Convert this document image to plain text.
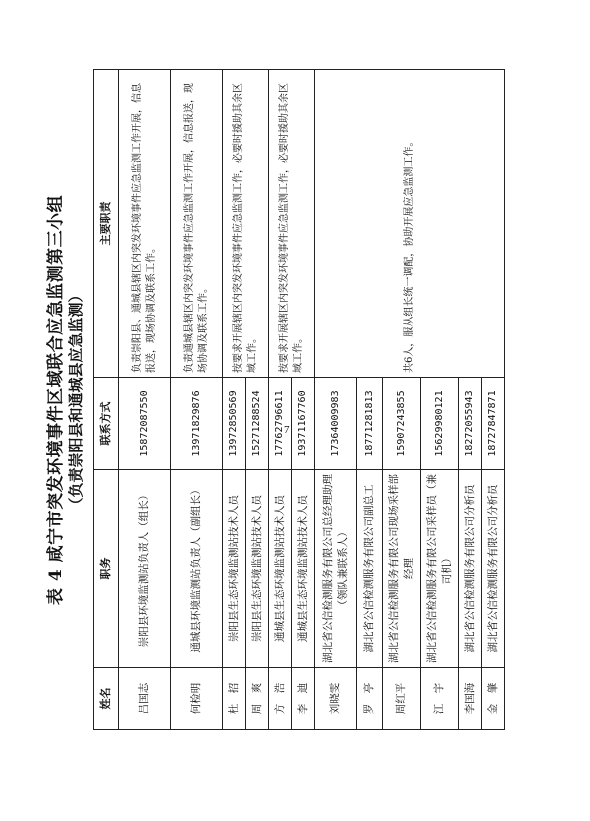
表 4 咸宁市突发环境事件区域联合应急监测第三小组 （负责崇阳县和通城县应急监测）
姓名	职务	联系方式	主要职责
吕国志	崇阳县环境监测站负责人（组长）	15872087550	负责崇阳县、通城县辖区内突发环境事件应急监测工作开展，信息报送，现场协调及联系工作。
何检明	通城县环境监测站负责人（副组长）	13971829876	负责通城县辖区内突发环境事件应急监测工作开展，信息报送，现场协调及联系工作。
杜　招	崇阳县生态环境监测站技术人员	13972850569	按要求开展辖区内突发环境事件应急监测工作，必要时援助其余区域工作。
周　爽	崇阳县生态环境监测站技术人员	15271288524	
方　浩	通城县生态环境监测站技术人员	17762796611	按要求开展辖区内突发环境事件应急监测工作，必要时援助其余区域工作。
李　迪	通城县生态环境监测站技术人员	19371167760	
刘晓雯	湖北省公信检测服务有限公司总经理助理（领队兼联系人）	17364009983	共6人，服从组长统一调配，协助开展应急监测工作。
罗　亭	湖北省公信检测服务有限公司副总工	18771281813	
周红平	湖北省公信检测服务有限公司现场采样部经理	15907243855	
江　宇	湖北省公信检测服务有限公司采样员（兼司机）	15629980121	
李国海	湖北省公信检测服务有限公司分析员	18272055943	
金　肇	湖北省公信检测服务有限公司分析员	18727847871	
7
